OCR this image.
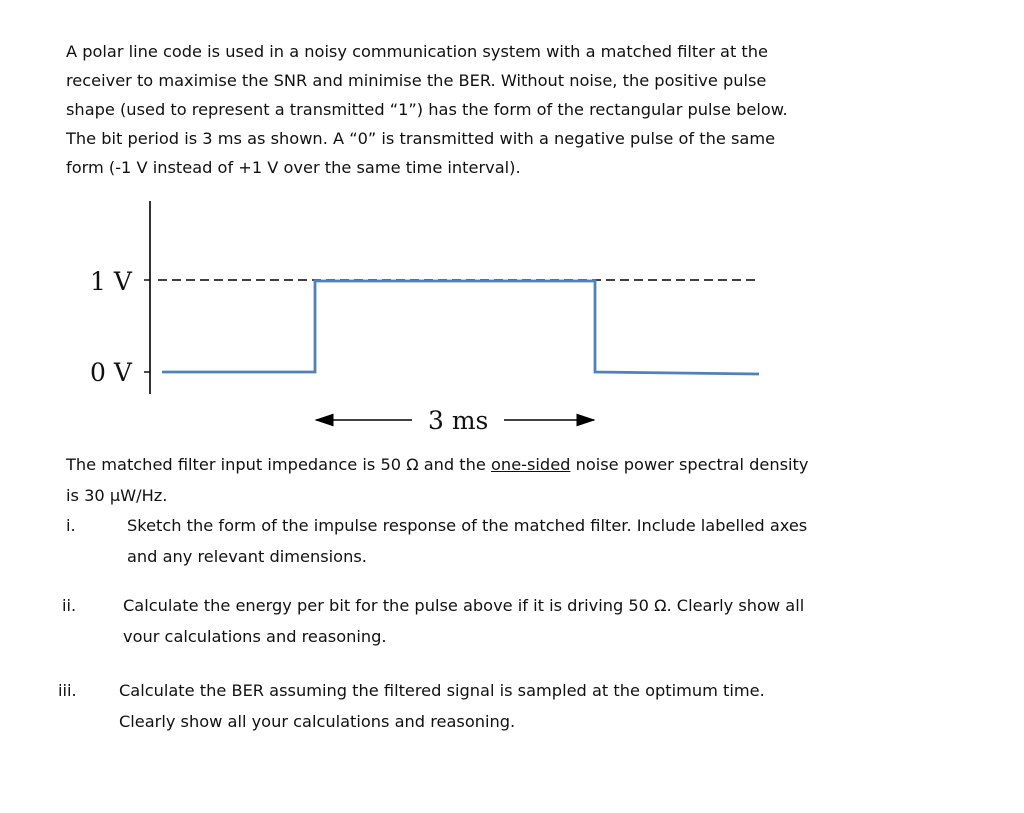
A polar line code is used in a noisy communication system with a matched filter at the

receiver to maximise the SNR and minimise the BER. Without noise, the positive pulse

shape (used to represent a transmitted “1”) has the form of the rectangular pulse below.

The bit period is 3 ms as shown. A “0” is transmitted with a negative pulse of the same

form (-1 V instead of +1 V over the same time interval).

1 V
0 V
3 ms

The matched filter input impedance is 50 Ω and the one-sided noise power spectral density

is 30 µW/Hz.

i.	Sketch the form of the impulse response of the matched filter. Include labelled axes
and any relevant dimensions.
ii.	Calculate the energy per bit for the pulse above if it is driving 50 Ω. Clearly show all
vour calculations and reasoning.
iii.	Calculate the BER assuming the filtered signal is sampled at the optimum time.
Clearly show all your calculations and reasoning.
